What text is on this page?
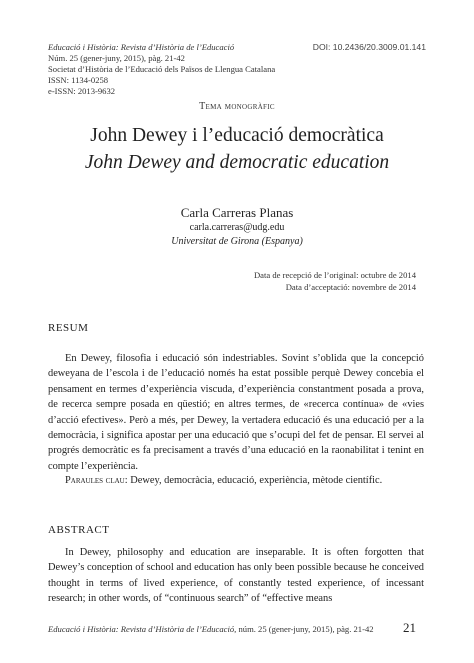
Educació i Història: Revista d’Història de l’Educació
Núm. 25 (gener-juny, 2015), pàg. 21-42
Societat d’Història de l’Educació dels Països de Llengua Catalana
ISSN: 1134-0258
e-ISSN: 2013-9632
DOI: 10.2436/20.3009.01.141
Tema monogràfic
John Dewey i l’educació democràtica
John Dewey and democratic education
Carla Carreras Planas
carla.carreras@udg.edu
Universitat de Girona (Espanya)
Data de recepció de l’original: octubre de 2014
Data d’acceptació: novembre de 2014
RESUM

En Dewey, filosofia i educació són indestriables. Sovint s’oblida que la concepció deweyana de l’escola i de l’educació només ha estat possible perquè Dewey concebia el pensament en termes d’experiència viscuda, d’experiència constantment posada a prova, de recerca sempre posada en qüestió; en altres termes, de «recerca contínua» de «vies d’acció efectives». Però a més, per Dewey, la vertadera educació és una educació per a la democràcia, i significa apostar per una educació que s’ocupi del fet de pensar. El servei al progrés democràtic es fa precisament a través d’una educació en la raonabilitat i tenint en compte l’experiència.

Paraules clau: Dewey, democràcia, educació, experiència, mètode científic.
ABSTRACT

In Dewey, philosophy and education are inseparable. It is often forgotten that Dewey’s conception of school and education has only been possible because he conceived thought in terms of lived experience, of constantly tested experience, of incessant research; in other words, of “continuous search” of “effective means

Educació i Història: Revista d’Història de l’Educació, núm. 25 (gener-juny, 2015), pàg. 21-42 21
